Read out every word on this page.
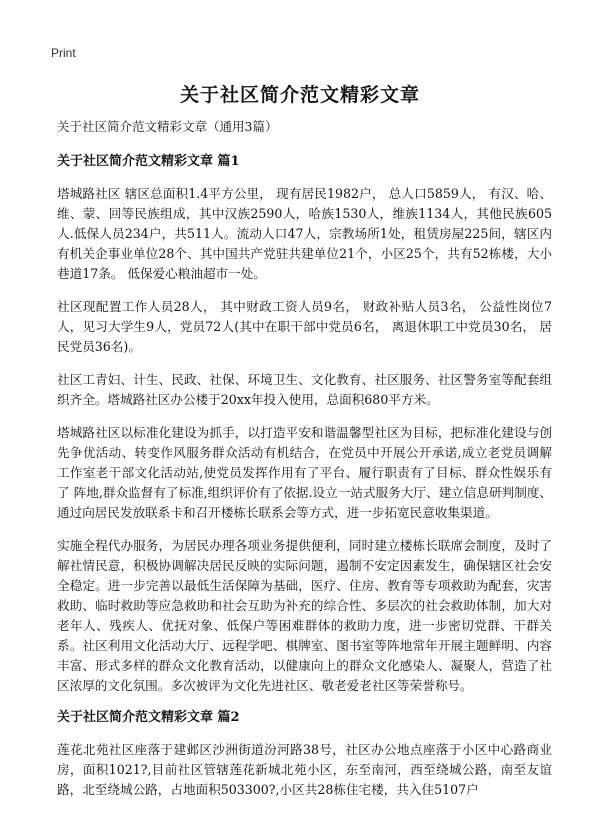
Print
关于社区简介范文精彩文章
关于社区简介范文精彩文章（通用3篇）
关于社区简介范文精彩文章 篇1

塔城路社区 辖区总面积1.4平方公里， 现有居民1982户， 总人口5859人， 有汉、哈、维、蒙、回等民族组成，其中汉族2590人，哈族1530人，维族1134人，其他民族605人.低保人员234户，共511人。流动人口47人，宗教场所1处，租赁房屋225间，辖区内有机关企事业单位28个、其中国共产党驻共建单位21个，小区25个，共有52栋楼，大小巷道17条。 低保爱心粮油超市一处。

社区现配置工作人员28人， 其中财政工资人员9名， 财政补贴人员3名， 公益性岗位7人，见习大学生9人，党员72人(其中在职干部中党员6名， 离退休职工中党员30名， 居民党员36名)。

社区工青妇、计生、民政、社保、环境卫生、文化教育、社区服务、社区警务室等配套组织齐全。塔城路社区办公楼于20xx年投入使用，总面积680平方米。

塔城路社区以标准化建设为抓手，以打造平安和谐温馨型社区为目标，把标准化建设与创先争优活动、转变作风服务群众活动有机结合，在党员中开展公开承诺,成立老党员调解工作室老干部文化活动站,使党员发挥作用有了平台、履行职责有了目标、群众性娱乐有了 阵地,群众监督有了标准,组织评价有了依据.设立一站式服务大厅、建立信息研判制度、通过向居民发放联系卡和召开楼栋长联系会等方式，进一步拓宽民意收集渠道。

实施全程代办服务，为居民办理各项业务提供便利，同时建立楼栋长联席会制度，及时了解社情民意，积极协调解决居民反映的实际问题，遏制不安定因素发生，确保辖区社会安全稳定。进一步完善以最低生活保障为基础，医疗、住房、教育等专项救助为配套，灾害救助、临时救助等应急救助和社会互助为补充的综合性、多层次的社会救助体制，加大对老年人、残疾人、优抚对象、低保户等困难群体的救助力度，进一步密切党群、干群关系。社区利用文化活动大厅、远程学吧、棋牌室、图书室等阵地常年开展主题鲜明、内容丰富、形式多样的群众文化教育活动，以健康向上的群众文化感染人、凝聚人，营造了社区浓厚的文化氛围。多次被评为文化先进社区、敬老爱老社区等荣誉称号。

关于社区简介范文精彩文章 篇2

莲花北苑社区座落于建邺区沙洲街道汾河路38号，社区办公地点座落于小区中心路商业房，面积1021?,目前社区管辖莲花新城北苑小区，东至南河，西至绕城公路，南至友谊路，北至绕城公路，占地面积503300?,小区共28栋住宅楼，共入住5107户
